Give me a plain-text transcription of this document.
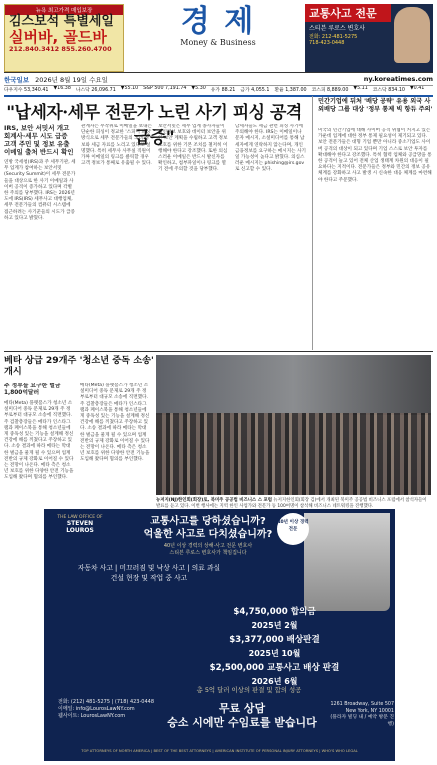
뉴욕 최고가격 매입보장
김스보석 특별세일
실버바, 골드바
212.840.3412 855.260.4700
경 제
Money & Business
교통사고 전문
스티븐 루로스 변호사
전화: 212-481-5275
718-423-0448
한국일보 2026년 8월 19일 수요일	ny.koreatimes.com
다우지수 53,340.41 ▼16.38 나스닥 26,096.71 ▼55.10 S&P 500 7,191.74 ▼5.30 유가 88.21 금가 4,055.1 환율 1,387.00 코스피 8,889.00 ▼5.11 코스닥 834.10 ▼0.41
"납세자·세무 전문가 노린 사기 피싱 공격 급증"
IRS, 보안 서밋서 개고 회계사·세무 시도 급증 고객 주민 및 정보 유출 이메일 출처 반드시 확인
연방 국세청(IRS)과 주 세무기관, 세무 업계가 참여하는 보안서밋(Security Summit)이 세무 전문가들을 대상으로 한 사기 이메일과 사이버 공격이 증가하고 있다며 각별한 주의를 당부했다. IRS는 2026년도에 IRS(IRS) 세무사고 대행업체, 세무 전문가들의 컴퓨터 시스템에 접근하려는 사기꾼들의 시도가 급증하고 있다고 밝혔다.
관계자는 무작위로 이메일을 보내는 단순한 피싱이 정교한 '스피어 피싱' 방식으로 세무 전문가들의 고객 정보와 세금 자료를 노리고 있다고 설명했다. 특히 세무사 사무실 직원이 가짜 이메일의 링크를 클릭할 경우 고객 정보가 통째로 유출될 수 있다.
보안서밋은 세무 업계 종사자들이 개인정보 보호와 데이터 보안을 위한 보안 계획을 수립하고 고객 정보 보호를 위한 기본 조치를 철저히 이행해야 한다고 강조했다. 또한 의심스러운 이메일은 반드시 발신자를 확인하고, 첨부파일이나 링크를 열기 전에 주의할 것을 당부했다.
남세자들도 세금 관련 피싱 사기에 주의해야 한다. IRS는 이메일이나 문자 메시지, 소셜미디어를 통해 납세자에게 연락하지 않는다며, 개인 금융정보를 요구하는 메시지는 사기일 가능성이 높다고 밝혔다. 의심스러운 메시지는 phishing@irs.gov로 신고할 수 있다.
민간기업에 뒤처 '배당 공략' 유용 외국 사외배당 그룹 대상 '정부 통제 빅 항듀 주의'
미국의 민간기업에 대해 사이버 공격 위협이 커지고 있는 가운데 업계에 대한 정부 통제 필요성이 제기되고 있다. 보안 전문가들은 대형 기업 뿐만 아니라 중소기업도 사이버 공격의 대상이 되고 있다며 기업 스스로 보안 투자를 확대해야 한다고 강조했다. 특히 협력 업체와 공급망을 통한 공격이 늘고 있어 전체 산업 생태계 차원의 대응이 필요하다는 지적이다. 전문가들은 정부와 민간의 정보 공유 체계를 강화하고 사고 발생 시 신속한 대응 체계를 마련해야 한다고 주문했다.
베타 상급 29개주 '청소년 중독 소송' 개시
주 정부들 요구한 벌금 1,800억달러
메타(Meta) 플랫폼스가 청소년 소셜미디어 중독 문제로 29개 주 정부로부터 대규모 소송에 직면했다. 주 검찰총장들은 메타가 인스타그램과 페이스북을 통해 청소년들에게 중독성 있는 기능을 설계해 정신 건강에 해를 끼쳤다고 주장하고 있다. 소송 결과에 따라 메타는 막대한 벌금을 물게 될 수 있으며 업계 전반의 규제 강화로 이어질 수 있다는 전망이 나온다. 메타 측은 청소년 보호를 위한 다양한 안전 기능을 도입해 왔다며 혐의를 부인했다.
메타(Meta) 플랫폼스가 청소년 소셜미디어 중독 문제로 29개 주 정부로부터 대규모 소송에 직면했다. 주 검찰총장들은 메타가 인스타그램과 페이스북을 통해 청소년들에게 중독성 있는 기능을 설계해 정신 건강에 해를 끼쳤다고 주장하고 있다. 소송 결과에 따라 메타는 막대한 벌금을 물게 될 수 있으며 업계 전반의 규제 강화로 이어질 수 있다는 전망이 나온다. 메타 측은 청소년 보호를 위한 다양한 안전 기능을 도입해 왔다며 혐의를 부인했다.
뉴저지(NJ)한인회(회장)로, 북미주 공공법 비즈니스 스 포럼 뉴저지한인회(회장 김)에서 개최된 북미주 공공법 비즈니스 포럼에서 참석자들이 발표를 듣고 있다. 이번 행사에는 지역 한인 사업가와 전문가 등 100여명이 참석해 비즈니스 네트워킹을 진행했다.
THE LAW OFFICE OF
STEVEN LOUROS
교통사고를 당하셨습니까?
억울한 사고로 다치셨습니까?
40년 이상 경력의 상해·사고 전문 변호사
스티븐 루로스 변호사가 책임집니다
자동차 사고 | 미끄러짐 및 낙상 사고 | 의료 과실
건설 현장 및 작업 중 사고
40년 이상 경력 전문
$4,750,000 합의금
2025년 2월
$3,377,000 배상판결
2025년 10월
$2,500,000 교통사고 배상 판결
2026년 6월
총 5억 달러 이상의 판결 및 합의 성공
전화: (212) 481-5275 | (718) 423-0448
이메일: info@LourosLawNY.com
웹사이트: LourosLawNY.com
무료 상담
승소 시에만 수임료를 받습니다
1261 Broadway, Suite 507
New York, NY 10001
(플라자 빌딩 내 / 예약 방문 진행)
TOP ATTORNEYS OF NORTH AMERICA | BEST OF THE BEST ATTORNEYS | AMERICAN INSTITUTE OF PERSONAL INJURY ATTORNEYS | WHO'S WHO LEGAL
